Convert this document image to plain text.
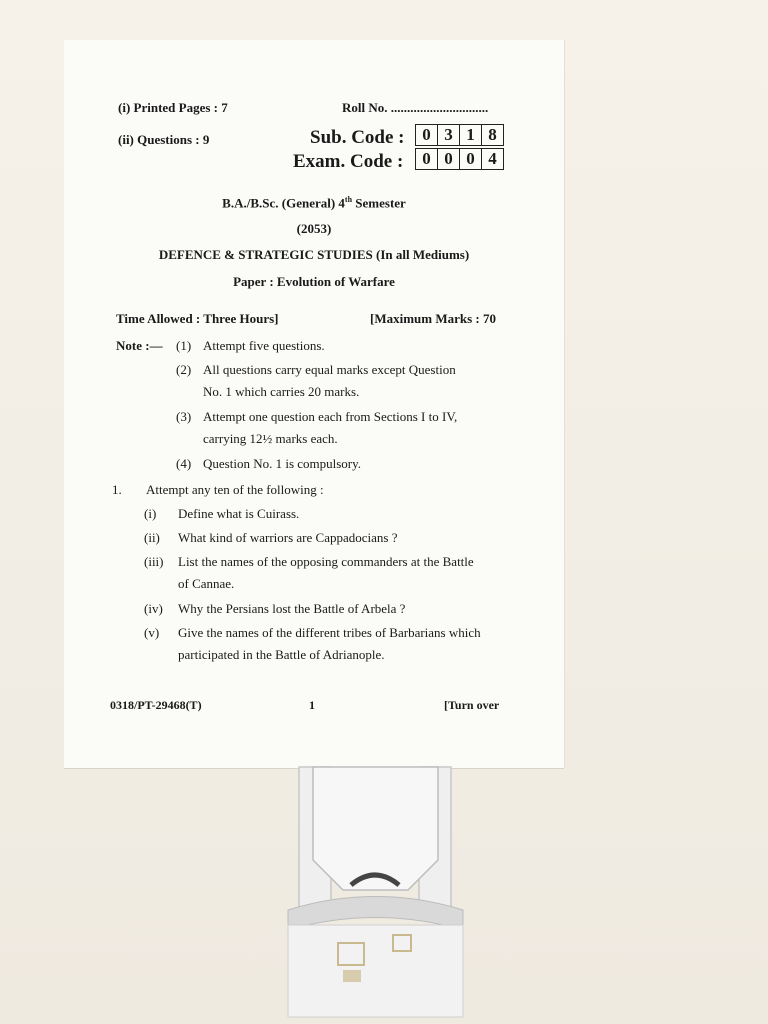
(i) Printed Pages : 7	Roll No. ..............................
(ii) Questions : 9	Sub. Code :	0 3 1 8
Exam. Code :	0 0 0 4
B.A./B.Sc. (General) 4th Semester
(2053)
DEFENCE & STRATEGIC STUDIES (In all Mediums)
Paper : Evolution of Warfare
Time Allowed : Three Hours]	[Maximum Marks : 70
Note :— (1) Attempt five questions.
(2) All questions carry equal marks except Question
No. 1 which carries 20 marks.
(3) Attempt one question each from Sections I to IV,
carrying 12½ marks each.
(4) Question No. 1 is compulsory.
1. Attempt any ten of the following :
(i) Define what is Cuirass.
(ii) What kind of warriors are Cappadocians ?
(iii) List the names of the opposing commanders at the Battle
of Cannae.
(iv) Why the Persians lost the Battle of Arbela ?
(v) Give the names of the different tribes of Barbarians which
participated in the Battle of Adrianople.
0318/PT-29468(T)	1	[Turn over
